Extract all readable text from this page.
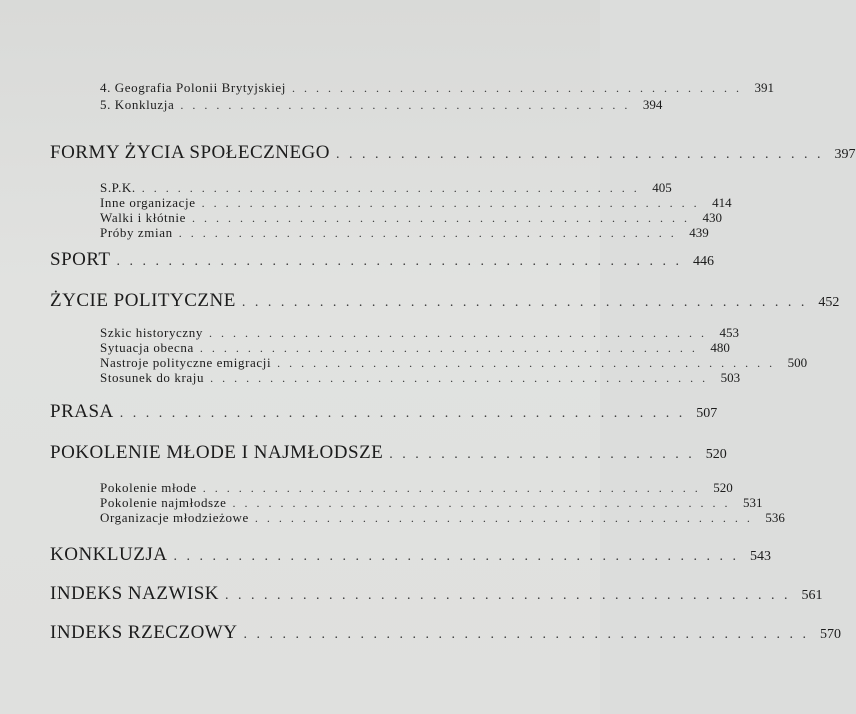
4. Geografia Polonii Brytyjskiej . . . . . . . . . . . . . . . . . . . . . . . . . . . . . . . . . . . . . . 391
5. Konkluzja . . . . . . . . . . . . . . . . . . . . . . . . . . . . . . . . . . . . . . 394
FORMY ŻYCIA SPOŁECZNEGO . . . . . . . . . . . . . . . . . . . . . . . . . . . . . . . . . . . . . . 397
S.P.K. . . . . . . . . . . . . . . . . . . . . . . . . . . . . . . . . . . . . . . . . . . 405
Inne organizacje . . . . . . . . . . . . . . . . . . . . . . . . . . . . . . . . . . . . . . . . . . 414
Walki i kłótnie . . . . . . . . . . . . . . . . . . . . . . . . . . . . . . . . . . . . . . . . . . 430
Próby zmian . . . . . . . . . . . . . . . . . . . . . . . . . . . . . . . . . . . . . . . . . . 439
SPORT . . . . . . . . . . . . . . . . . . . . . . . . . . . . . . . . . . . . . . . . . . . . 446
ŻYCIE POLITYCZNE . . . . . . . . . . . . . . . . . . . . . . . . . . . . . . . . . . . . . . . . . . . . 452
Szkic historyczny . . . . . . . . . . . . . . . . . . . . . . . . . . . . . . . . . . . . . . . . . . 453
Sytuacja obecna . . . . . . . . . . . . . . . . . . . . . . . . . . . . . . . . . . . . . . . . . . 480
Nastroje polityczne emigracji . . . . . . . . . . . . . . . . . . . . . . . . . . . . . . . . . . . . . . . . . . 500
Stosunek do kraju . . . . . . . . . . . . . . . . . . . . . . . . . . . . . . . . . . . . . . . . . . 503
PRASA . . . . . . . . . . . . . . . . . . . . . . . . . . . . . . . . . . . . . . . . . . . . 507
POKOLENIE MŁODE I NAJMŁODSZE . . . . . . . . . . . . . . . . . . . . . . . . 520
Pokolenie młode . . . . . . . . . . . . . . . . . . . . . . . . . . . . . . . . . . . . . . . . . . 520
Pokolenie najmłodsze . . . . . . . . . . . . . . . . . . . . . . . . . . . . . . . . . . . . . . . . . . 531
Organizacje młodzieżowe . . . . . . . . . . . . . . . . . . . . . . . . . . . . . . . . . . . . . . . . . . 536
KONKLUZJA . . . . . . . . . . . . . . . . . . . . . . . . . . . . . . . . . . . . . . . . . . . . 543
INDEKS NAZWISK . . . . . . . . . . . . . . . . . . . . . . . . . . . . . . . . . . . . . . . . . . . . 561
INDEKS RZECZOWY . . . . . . . . . . . . . . . . . . . . . . . . . . . . . . . . . . . . . . . . . . . . 570
